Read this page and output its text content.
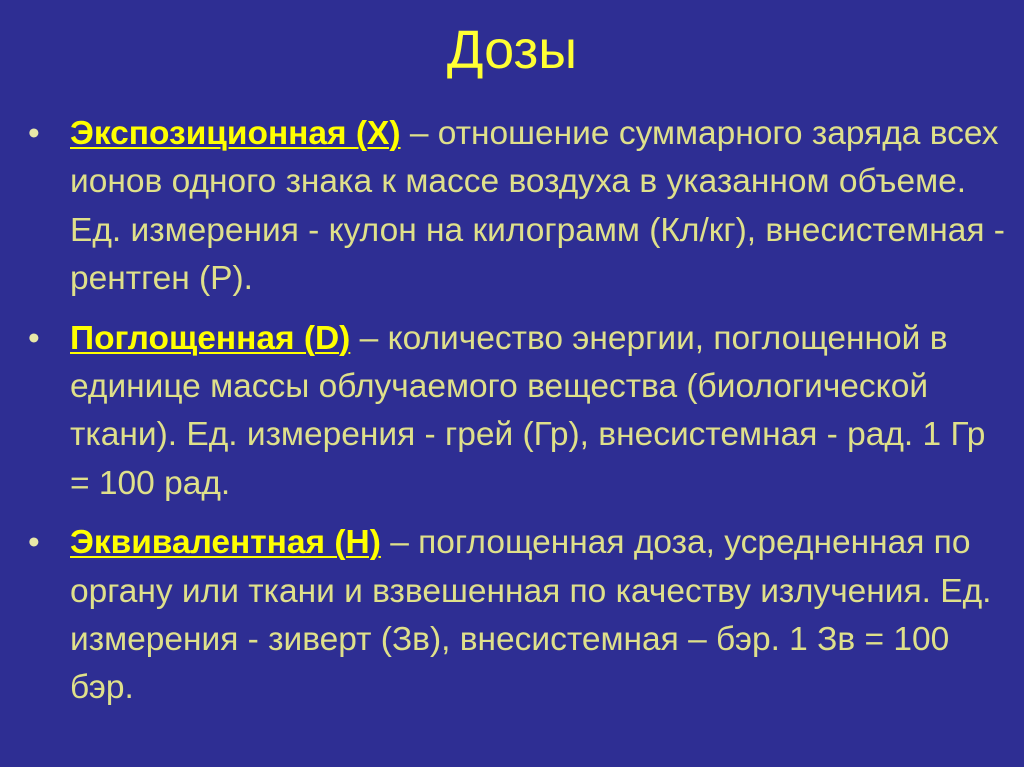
Дозы
• Экспозиционная (X) – отношение суммарного заряда всех ионов одного знака к массе воздуха в указанном объеме. Ед. измерения - кулон на килограмм (Кл/кг), внесистемная - рентген (Р).
• Поглощенная (D) – количество энергии, поглощенной в единице массы облучаемого вещества (биологической ткани). Ед. измерения - грей (Гр), внесистемная - рад. 1 Гр = 100 рад.
• Эквивалентная (H) – поглощенная доза, усредненная по органу или ткани и взвешенная по качеству излучения. Ед. измерения - зиверт (Зв), внесистемная – бэр. 1 Зв = 100 бэр.
